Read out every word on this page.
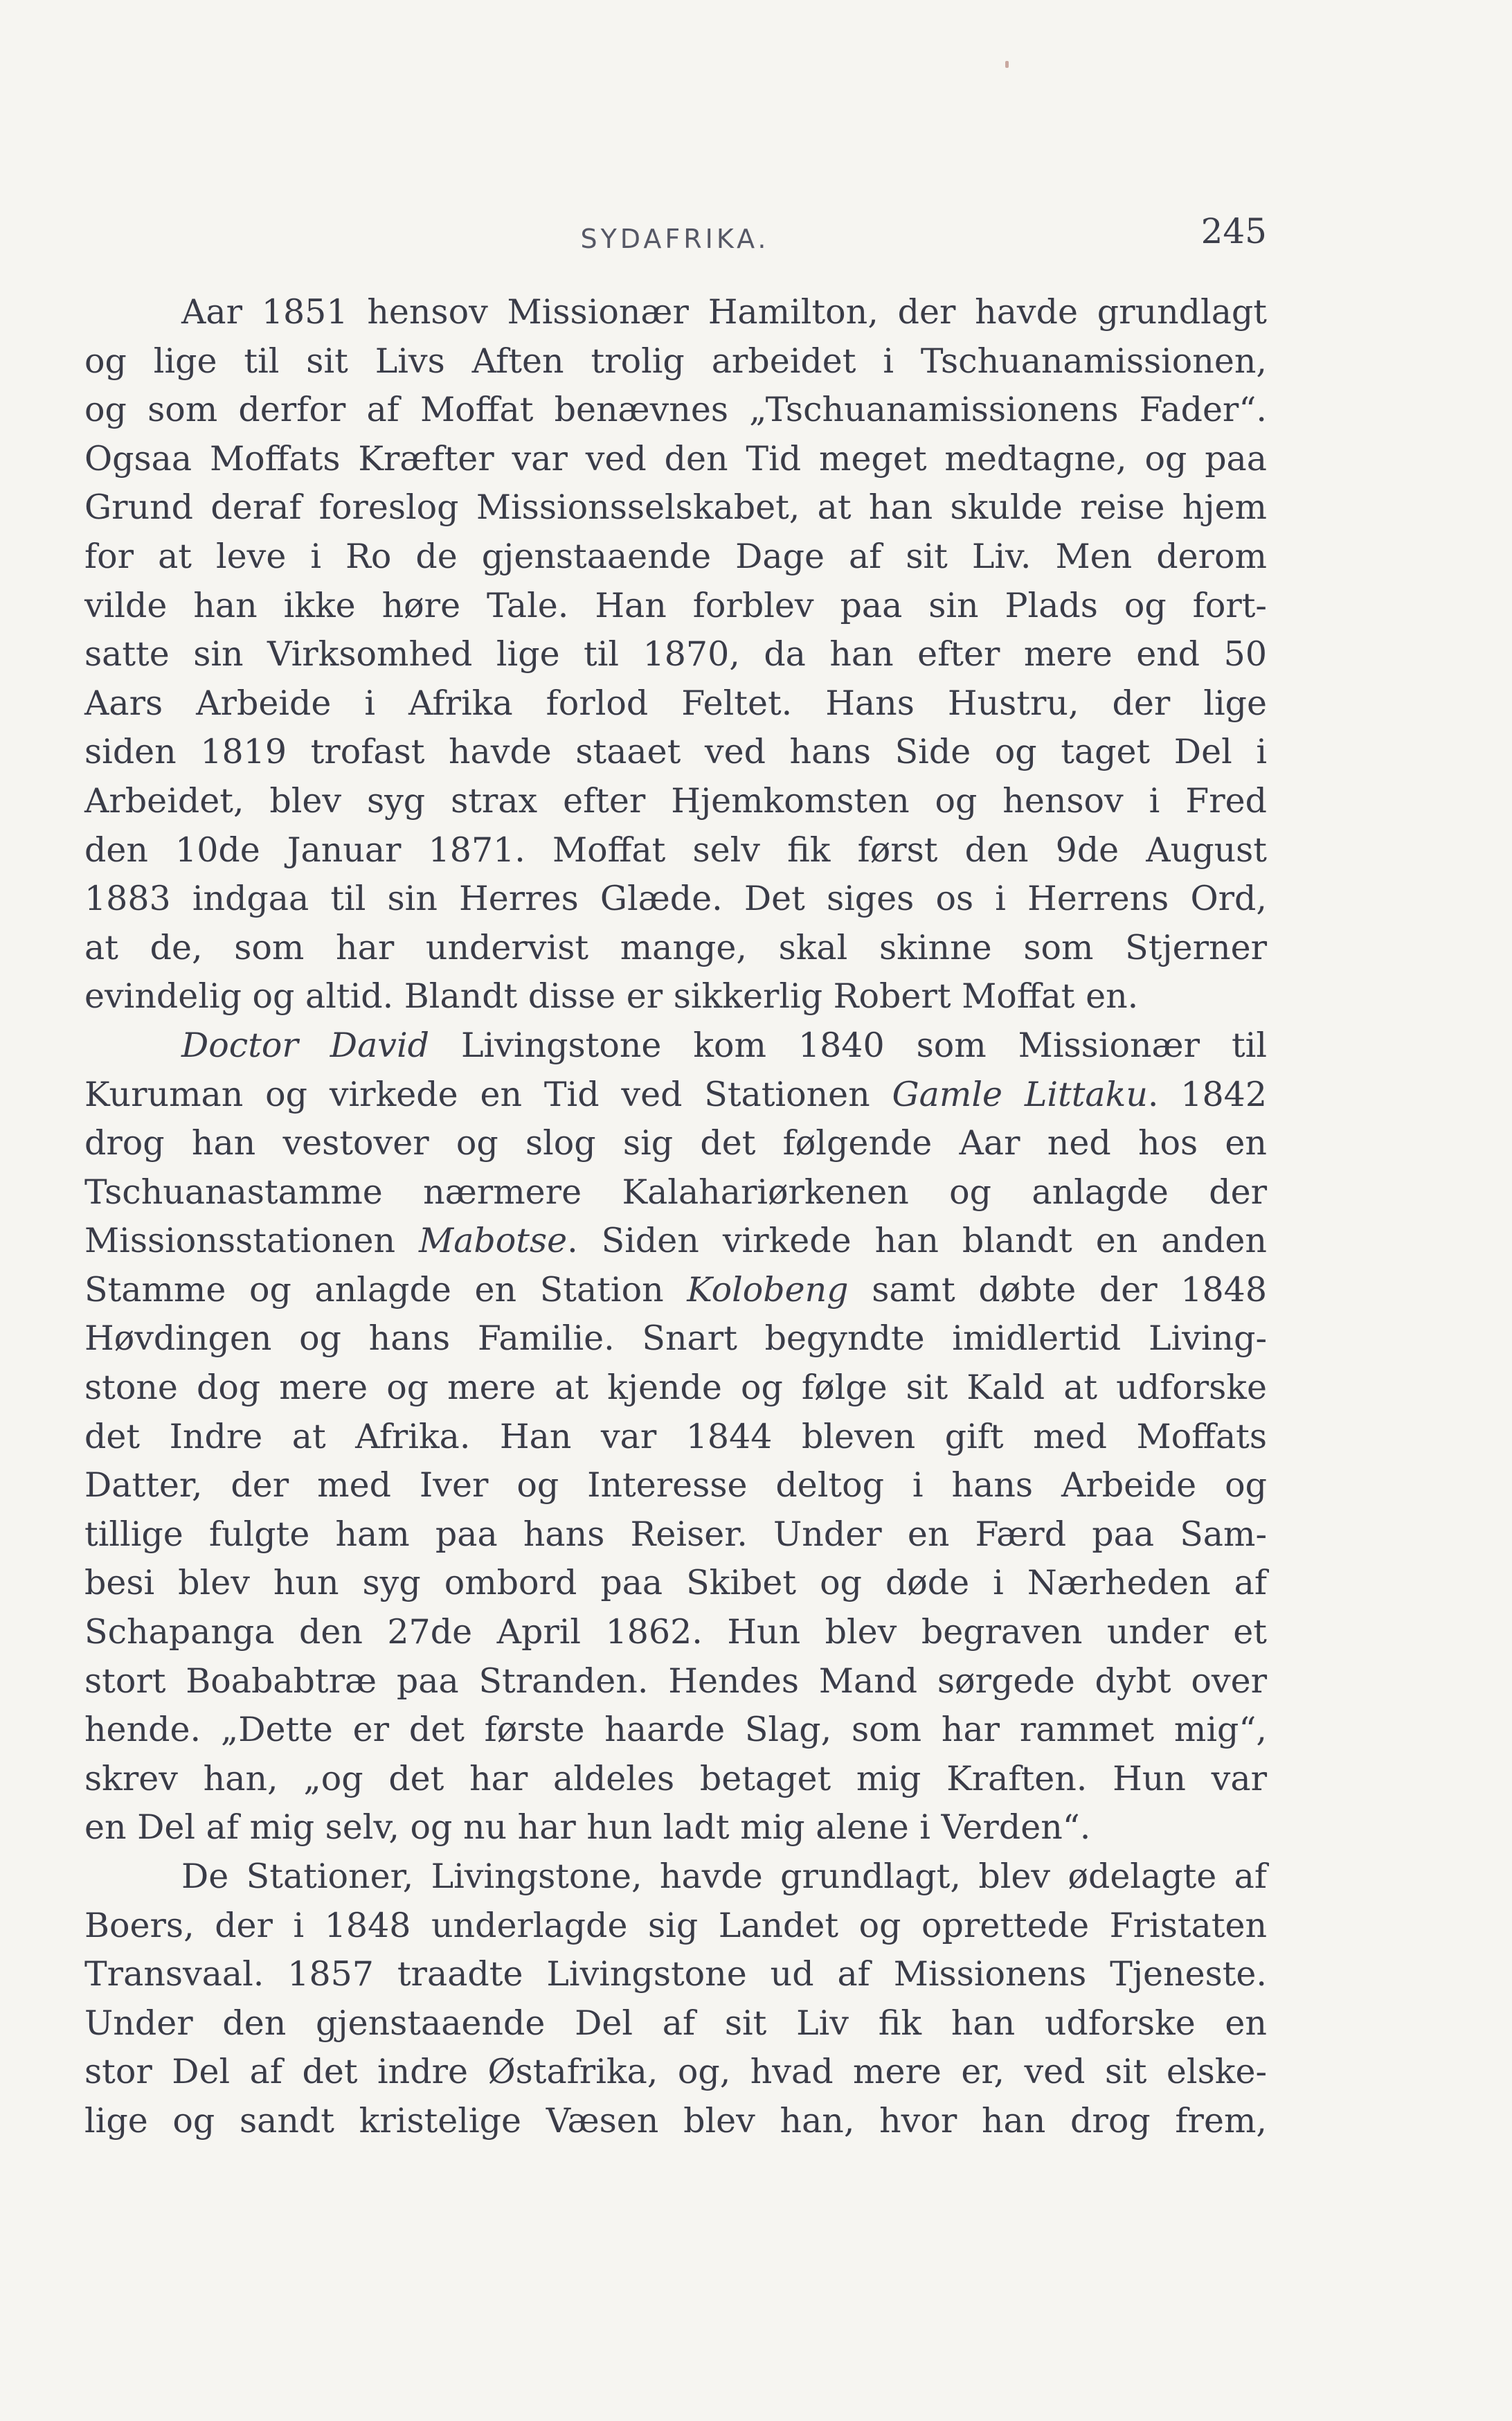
SYDAFRIKA.	245
Aar 1851 hensov Missionær Hamilton, der havde grundlagt
og lige til sit Livs Aften trolig arbeidet i Tschuanamissionen,
og som derfor af Moffat benævnes „Tschuanamissionens Fader“.
Ogsaa Moffats Kræfter var ved den Tid meget medtagne, og paa
Grund deraf foreslog Missionsselskabet, at han skulde reise hjem
for at leve i Ro de gjenstaaende Dage af sit Liv. Men derom
vilde han ikke høre Tale. Han forblev paa sin Plads og fort-
satte sin Virksomhed lige til 1870, da han efter mere end 50
Aars Arbeide i Afrika forlod Feltet. Hans Hustru, der lige
siden 1819 trofast havde staaet ved hans Side og taget Del i
Arbeidet, blev syg strax efter Hjemkomsten og hensov i Fred
den 10de Januar 1871. Moffat selv fik først den 9de August
1883 indgaa til sin Herres Glæde. Det siges os i Herrens Ord,
at de, som har undervist mange, skal skinne som Stjerner
evindelig og altid. Blandt disse er sikkerlig Robert Moffat en.
Doctor David Livingstone kom 1840 som Missionær til
Kuruman og virkede en Tid ved Stationen Gamle Littaku. 1842
drog han vestover og slog sig det følgende Aar ned hos en
Tschuanastamme nærmere Kalahariørkenen og anlagde der
Missionsstationen Mabotse. Siden virkede han blandt en anden
Stamme og anlagde en Station Kolobeng samt døbte der 1848
Høvdingen og hans Familie. Snart begyndte imidlertid Living-
stone dog mere og mere at kjende og følge sit Kald at udforske
det Indre at Afrika. Han var 1844 bleven gift med Moffats
Datter, der med Iver og Interesse deltog i hans Arbeide og
tillige fulgte ham paa hans Reiser. Under en Færd paa Sam-
besi blev hun syg ombord paa Skibet og døde i Nærheden af
Schapanga den 27de April 1862. Hun blev begraven under et
stort Boababtræ paa Stranden. Hendes Mand sørgede dybt over
hende. „Dette er det første haarde Slag, som har rammet mig“,
skrev han, „og det har aldeles betaget mig Kraften. Hun var
en Del af mig selv, og nu har hun ladt mig alene i Verden“.
De Stationer, Livingstone, havde grundlagt, blev ødelagte af
Boers, der i 1848 underlagde sig Landet og oprettede Fristaten
Transvaal. 1857 traadte Livingstone ud af Missionens Tjeneste.
Under den gjenstaaende Del af sit Liv fik han udforske en
stor Del af det indre Østafrika, og, hvad mere er, ved sit elske-
lige og sandt kristelige Væsen blev han, hvor han drog frem,
